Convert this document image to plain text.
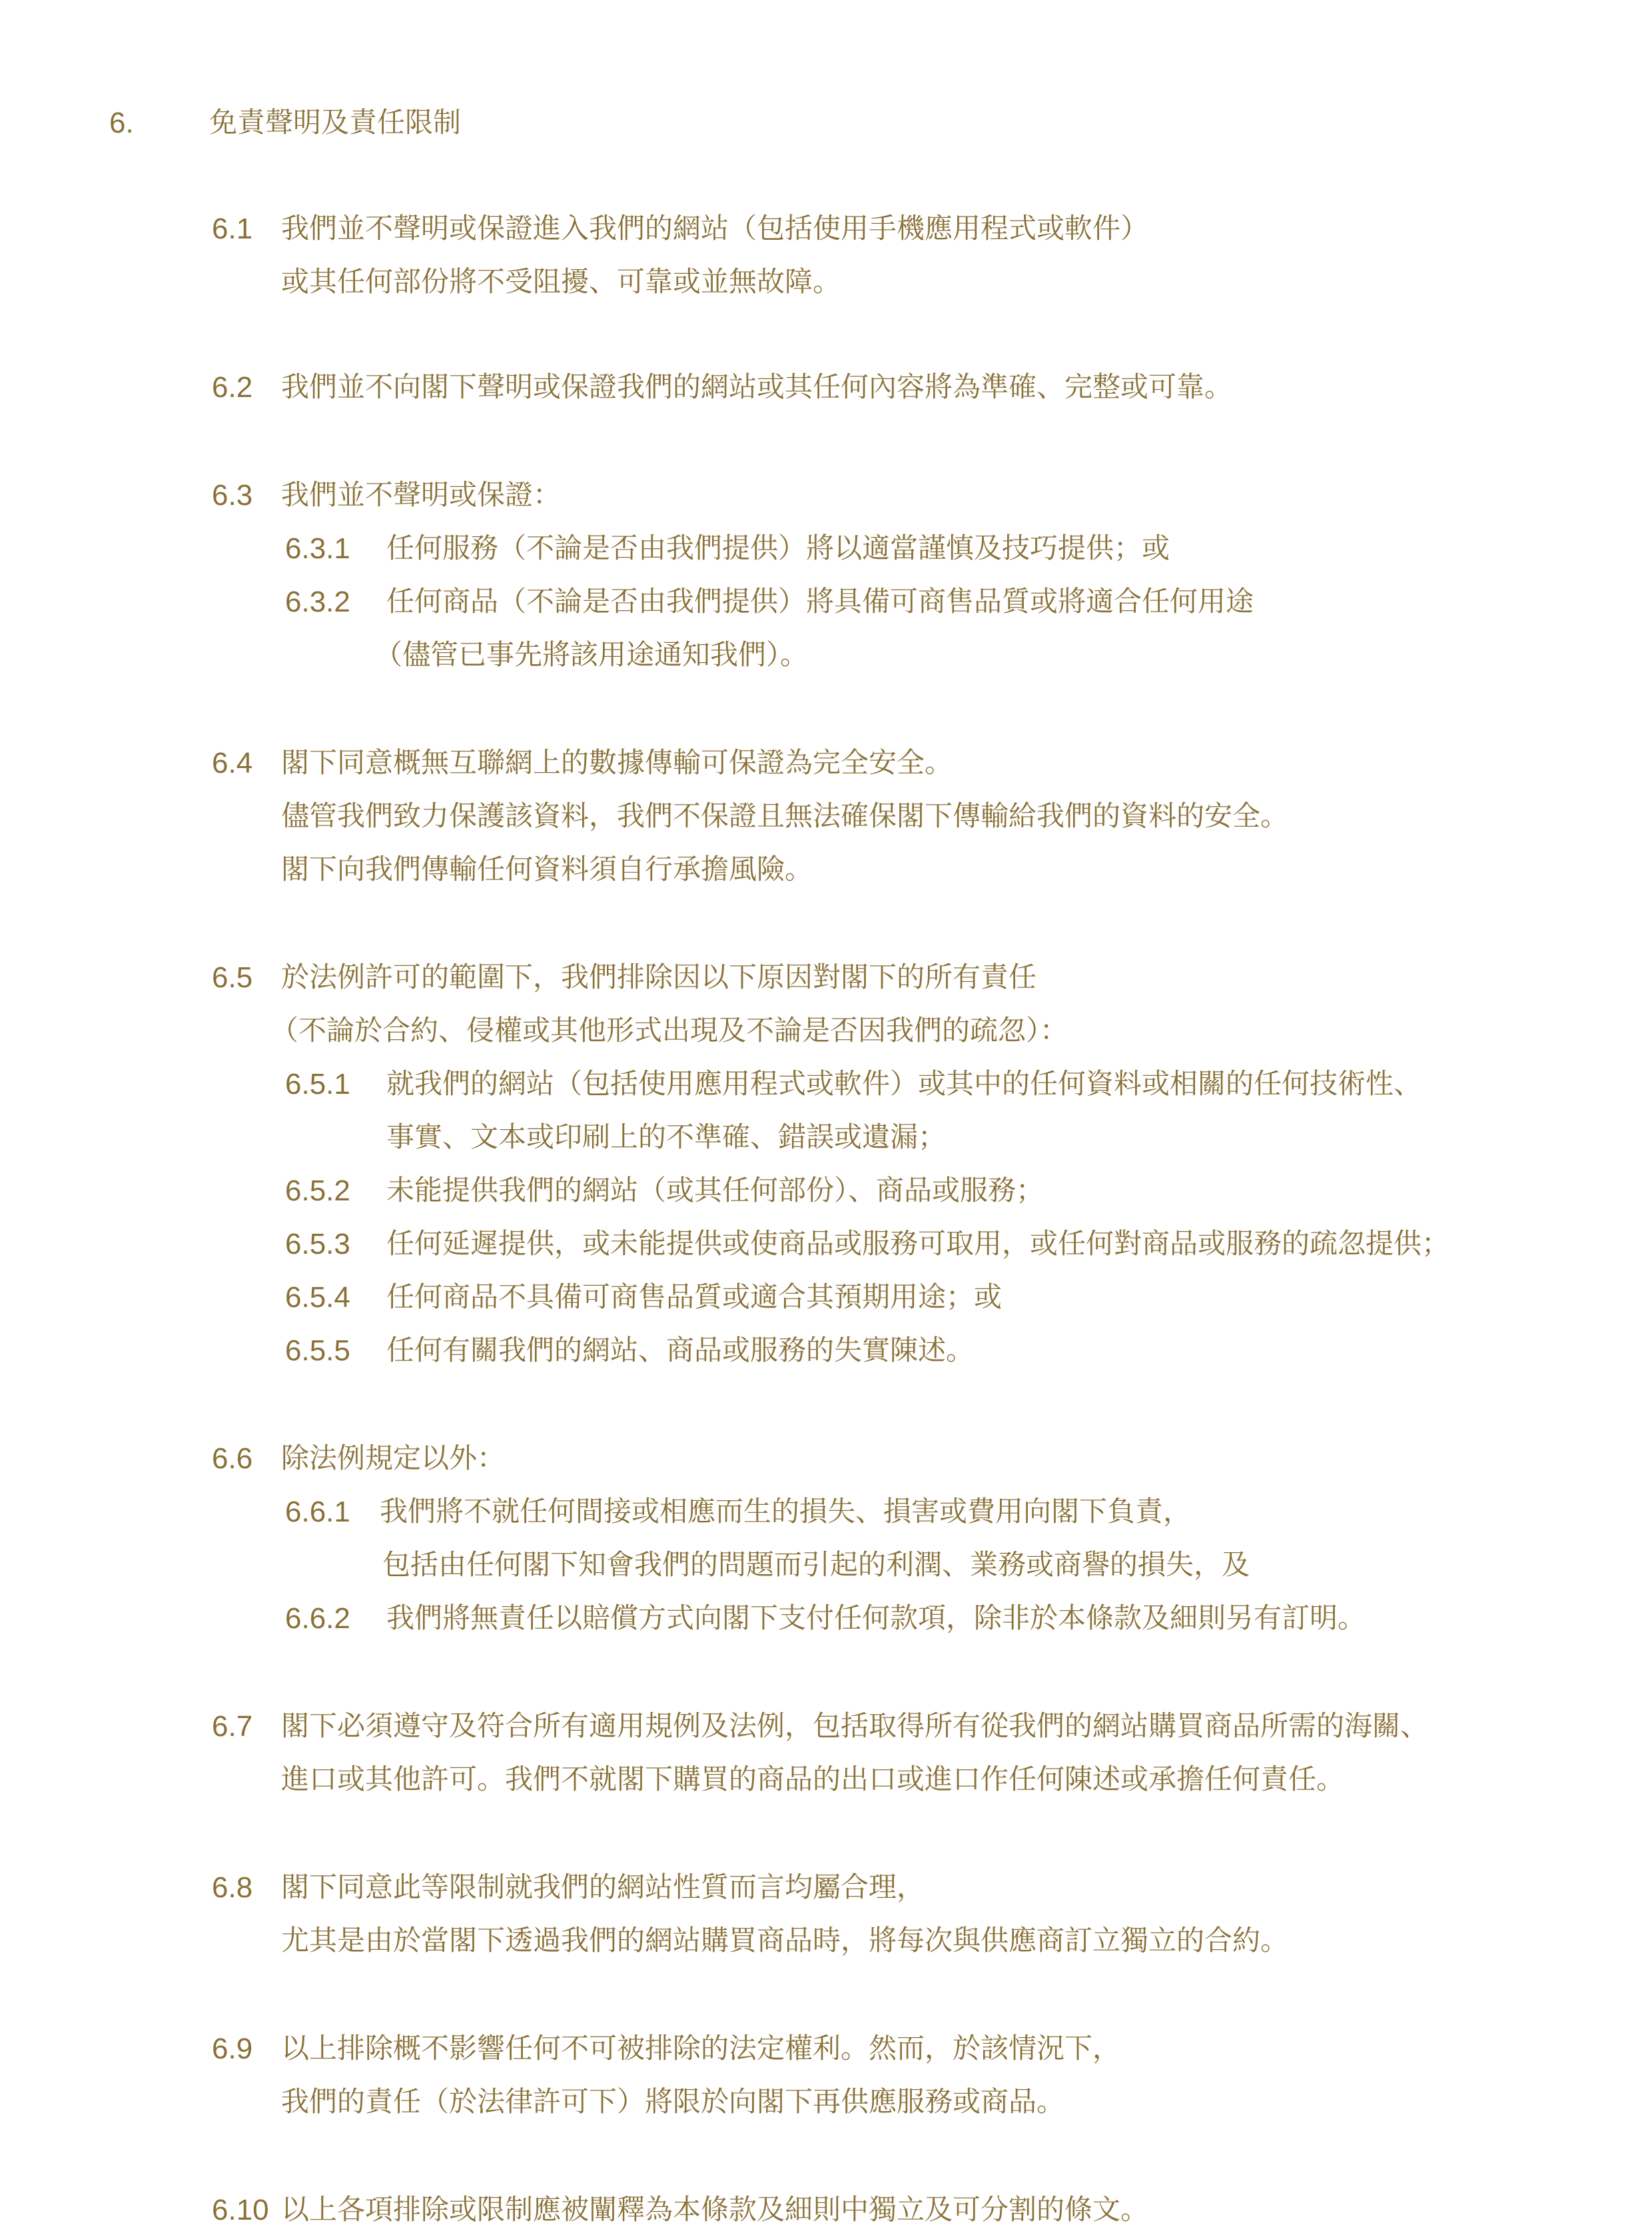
6.	免責聲明及責任限制
6.1 我們並不聲明或保證進入我們的網站（包括使用手機應用程式或軟件）
或其任何部份將不受阻擾、可靠或並無故障。
6.2 我們並不向閣下聲明或保證我們的網站或其任何內容將為準確、完整或可靠。
6.3 我們並不聲明或保證：
6.3.1 任何服務（不論是否由我們提供）將以適當謹慎及技巧提供；或
6.3.2 任何商品（不論是否由我們提供）將具備可商售品質或將適合任何用途
（儘管已事先將該用途通知我們）。
6.4 閣下同意概無互聯網上的數據傳輸可保證為完全安全。
儘管我們致力保護該資料，我們不保證且無法確保閣下傳輸給我們的資料的安全。
閣下向我們傳輸任何資料須自行承擔風險。
6.5 於法例許可的範圍下，我們排除因以下原因對閣下的所有責任
（不論於合約、侵權或其他形式出現及不論是否因我們的疏忽）：
6.5.1 就我們的網站（包括使用應用程式或軟件）或其中的任何資料或相關的任何技術性、
事實、文本或印刷上的不準確、錯誤或遺漏；
6.5.2 未能提供我們的網站（或其任何部份）、商品或服務；
6.5.3 任何延遲提供，或未能提供或使商品或服務可取用，或任何對商品或服務的疏忽提供；
6.5.4 任何商品不具備可商售品質或適合其預期用途；或
6.5.5 任何有關我們的網站、商品或服務的失實陳述。
6.6 除法例規定以外：
6.6.1 我們將不就任何間接或相應而生的損失、損害或費用向閣下負責，
包括由任何閣下知會我們的問題而引起的利潤、業務或商譽的損失，及
6.6.2 我們將無責任以賠償方式向閣下支付任何款項，除非於本條款及細則另有訂明。
6.7 閣下必須遵守及符合所有適用規例及法例，包括取得所有從我們的網站購買商品所需的海關、
進口或其他許可。我們不就閣下購買的商品的出口或進口作任何陳述或承擔任何責任。
6.8 閣下同意此等限制就我們的網站性質而言均屬合理，
尤其是由於當閣下透過我們的網站購買商品時，將每次與供應商訂立獨立的合約。
6.9 以上排除概不影響任何不可被排除的法定權利。然而，於該情況下，
我們的責任（於法律許可下）將限於向閣下再供應服務或商品。
6.10 以上各項排除或限制應被闡釋為本條款及細則中獨立及可分割的條文。
